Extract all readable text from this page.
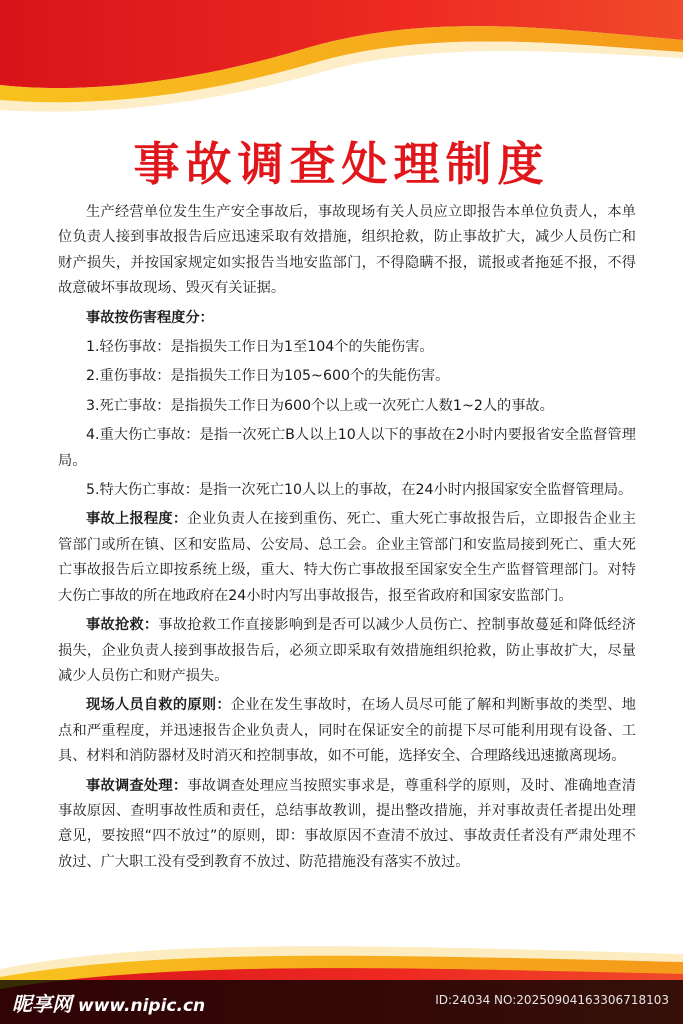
事故调查处理制度

生产经营单位发生生产安全事故后，事故现场有关人员应立即报告本单位负责人，本单位负责人接到事故报告后应迅速采取有效措施，组织抢救，防止事故扩大，减少人员伤亡和财产损失，并按国家规定如实报告当地安监部门，不得隐瞒不报，谎报或者拖延不报，不得故意破坏事故现场、毁灭有关证据。

事故按伤害程度分：

1.轻伤事故：是指损失工作日为1至104个的失能伤害。

2.重伤事故：是指损失工作日为105~600个的失能伤害。

3.死亡事故：是指损失工作日为600个以上或一次死亡人数1~2人的事故。

4.重大伤亡事故：是指一次死亡B人以上10人以下的事故在2小时内要报省安全监督管理局。

5.特大伤亡事故：是指一次死亡10人以上的事故，在24小时内报国家安全监督管理局。

事故上报程度：企业负责人在接到重伤、死亡、重大死亡事故报告后，立即报告企业主管部门或所在镇、区和安监局、公安局、总工会。企业主管部门和安监局接到死亡、重大死亡事故报告后立即按系统上级，重大、特大伤亡事故报至国家安全生产监督管理部门。对特大伤亡事故的所在地政府在24小时内写出事故报告，报至省政府和国家安监部门。

事故抢救：事故抢救工作直接影响到是否可以减少人员伤亡、控制事故蔓延和降低经济损失，企业负责人接到事故报告后，必须立即采取有效措施组织抢救，防止事故扩大，尽量减少人员伤亡和财产损失。

现场人员自救的原则：企业在发生事故时，在场人员尽可能了解和判断事故的类型、地点和严重程度，并迅速报告企业负责人，同时在保证安全的前提下尽可能利用现有设备、工具、材料和消防器材及时消灭和控制事故，如不可能，选择安全、合理路线迅速撤离现场。

事故调查处理：事故调查处理应当按照实事求是，尊重科学的原则，及时、准确地查清事故原因、查明事故性质和责任，总结事故教训，提出整改措施，并对事故责任者提出处理意见，要按照“四不放过”的原则，即：事故原因不查清不放过、事故责任者没有严肃处理不放过、广大职工没有受到教育不放过、防范措施没有落实不放过。

昵享网 www.nipic.cn	ID:24034 NO:20250904163306718103
